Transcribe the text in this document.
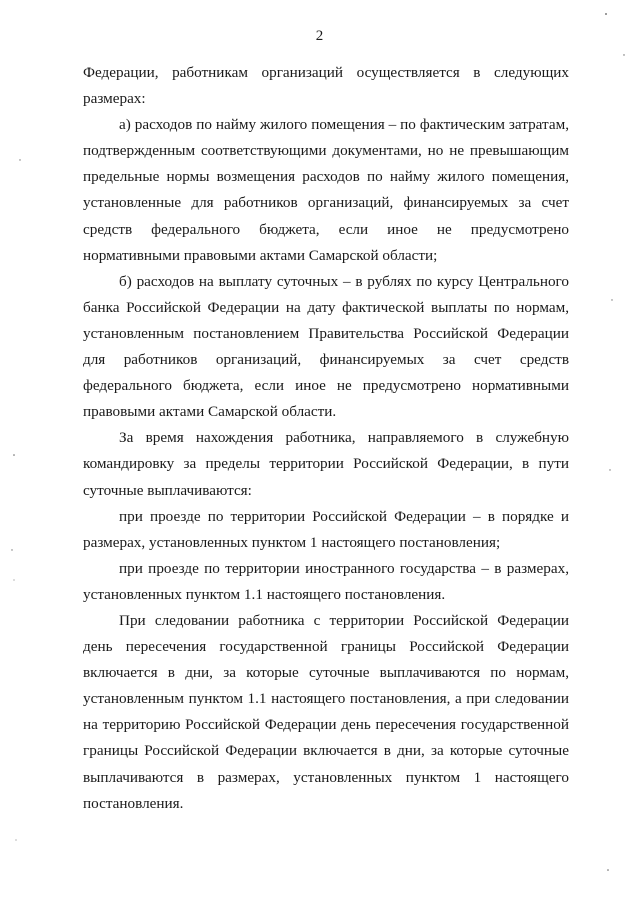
2

Федерации, работникам организаций осуществляется в следующих размерах:

а) расходов по найму жилого помещения – по фактическим затратам, подтвержденным соответствующими документами, но не превышающим предельные нормы возмещения расходов по найму жилого помещения, установленные для работников организаций, финансируемых за счет средств федерального бюджета, если иное не предусмотрено нормативными правовыми актами Самарской области;

б) расходов на выплату суточных – в рублях по курсу Центрального банка Российской Федерации на дату фактической выплаты по нормам, установленным постановлением Правительства Российской Федерации для работников организаций, финансируемых за счет средств федерального бюджета, если иное не предусмотрено нормативными правовыми актами Самарской области.

За время нахождения работника, направляемого в служебную командировку за пределы территории Российской Федерации, в пути суточные выплачиваются:

при проезде по территории Российской Федерации – в порядке и размерах, установленных пунктом 1 настоящего постановления;

при проезде по территории иностранного государства – в размерах, установленных пунктом 1.1 настоящего постановления.

При следовании работника с территории Российской Федерации день пересечения государственной границы Российской Федерации включается в дни, за которые суточные выплачиваются по нормам, установленным пунктом 1.1 настоящего постановления, а при следовании на территорию Российской Федерации день пересечения государственной границы Российской Федерации включается в дни, за которые суточные выплачиваются в размерах, установленных пунктом 1 настоящего постановления.
